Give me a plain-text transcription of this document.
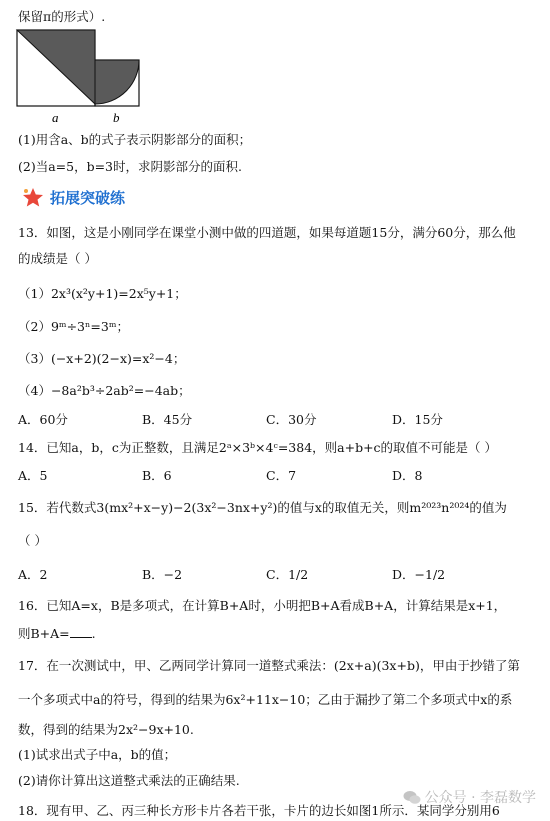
保留π的形式）.
a	b
(1)用含a、b的式子表示阴影部分的面积；
(2)当a=5，b=3时，求阴影部分的面积.
拓展突破练
13．如图，这是小刚同学在课堂小测中做的四道题，如果每道题15分，满分60分，那么他
的成绩是（ ）
（1）2x³(x²y+1)=2x⁵y+1；
（2）9ᵐ÷3ⁿ=3ᵐ；
（3）(−x+2)(2−x)=x²−4；
（4）−8a²b³÷2ab²=−4ab；
A．60分	B．45分	C．30分	D．15分
14．已知a，b，c为正整数，且满足2ᵃ×3ᵇ×4ᶜ=384，则a+b+c的取值不可能是（ ）
A．5	B．6	C．7	D．8
15．若代数式3(mx²+x−y)−2(3x²−3nx+y²)的值与x的取值无关，则m²⁰²³n²⁰²⁴的值为
（ ）
A．2	B．−2	C．1/2	D．−1/2
16．已知A=x，B是多项式，在计算B+A时，小明把B+A看成B+A，计算结果是x+1，
则B+A= .
17．在一次测试中，甲、乙两同学计算同一道整式乘法：(2x+a)(3x+b)，甲由于抄错了第
一个多项式中a的符号，得到的结果为6x²+11x−10；乙由于漏抄了第二个多项式中x的系
数，得到的结果为2x²−9x+10.
(1)试求出式子中a，b的值；
(2)请你计算出这道整式乘法的正确结果.
18．现有甲、乙、丙三种长方形卡片各若干张，卡片的边长如图1所示．某同学分别用6
公众号 · 李磊数学
